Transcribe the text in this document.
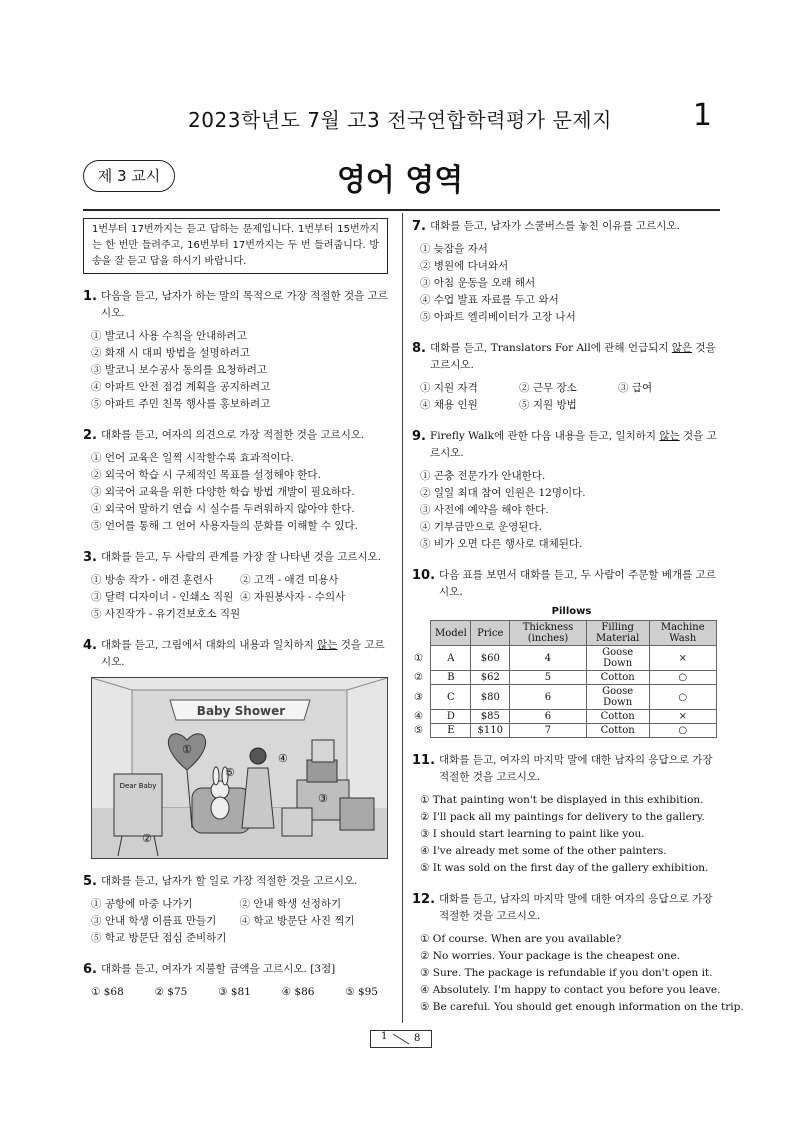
2023학년도 7월 고3 전국연합학력평가 문제지	1
제 3 교시	영어 영역
1번부터 17번까지는 듣고 답하는 문제입니다. 1번부터 15번까지는 한 번만 들려주고, 16번부터 17번까지는 두 번 들려줍니다. 방송을 잘 듣고 답을 하시기 바랍니다.
1. 다음을 듣고, 남자가 하는 말의 목적으로 가장 적절한 것을 고르시오.
① 발코니 사용 수칙을 안내하려고
② 화재 시 대피 방법을 설명하려고
③ 발코니 보수공사 동의를 요청하려고
④ 아파트 안전 점검 계획을 공지하려고
⑤ 아파트 주민 친목 행사를 홍보하려고
2. 대화를 듣고, 여자의 의견으로 가장 적절한 것을 고르시오.
① 언어 교육은 일찍 시작할수록 효과적이다.
② 외국어 학습 시 구체적인 목표를 설정해야 한다.
③ 외국어 교육을 위한 다양한 학습 방법 개발이 필요하다.
④ 외국어 말하기 연습 시 실수를 두려워하지 않아야 한다.
⑤ 언어를 통해 그 언어 사용자들의 문화를 이해할 수 있다.
3. 대화를 듣고, 두 사람의 관계를 가장 잘 나타낸 것을 고르시오.
① 방송 작가 - 애견 훈련사	② 고객 - 애견 미용사
③ 달력 디자이너 - 인쇄소 직원 ④ 자원봉사자 - 수의사
⑤ 사진작가 - 유기견보호소 직원
4. 대화를 듣고, 그림에서 대화의 내용과 일치하지 않는 것을 고르시오.
Baby Shower
Dear Baby
①
②
③
④
⑤
5. 대화를 듣고, 남자가 할 일로 가장 적절한 것을 고르시오.
① 공항에 마중 나가기	② 안내 학생 선정하기
③ 안내 학생 이름표 만들기	④ 학교 방문단 사진 찍기
⑤ 학교 방문단 점심 준비하기
6. 대화를 듣고, 여자가 지불할 금액을 고르시오. [3점]
① $68	② $75	③ $81	④ $86	⑤ $95
7. 대화를 듣고, 남자가 스쿨버스를 놓친 이유를 고르시오.
① 늦잠을 자서
② 병원에 다녀와서
③ 아침 운동을 오래 해서
④ 수업 발표 자료를 두고 와서
⑤ 아파트 엘리베이터가 고장 나서
8. 대화를 듣고, Translators For All에 관해 언급되지 않은 것을 고르시오.
① 지원 자격	② 근무 장소	③ 급여
④ 채용 인원	⑤ 지원 방법
9. Firefly Walk에 관한 다음 내용을 듣고, 일치하지 않는 것을 고르시오.
① 곤충 전문가가 안내한다.
② 일일 최대 참여 인원은 12명이다.
③ 사전에 예약을 해야 한다.
④ 기부금만으로 운영된다.
⑤ 비가 오면 다른 행사로 대체된다.
10. 다음 표를 보면서 대화를 듣고, 두 사람이 주문할 베개를 고르시오.
Pillows
	Model	Price	Thickness (inches)	Filling Material	Machine Wash
①	A	$60	4	Goose Down	×
②	B	$62	5	Cotton	○
③	C	$80	6	Goose Down	○
④	D	$85	6	Cotton	×
⑤	E	$110	7	Cotton	○
11. 대화를 듣고, 여자의 마지막 말에 대한 남자의 응답으로 가장 적절한 것을 고르시오.
① That painting won't be displayed in this exhibition.
② I'll pack all my paintings for delivery to the gallery.
③ I should start learning to paint like you.
④ I've already met some of the other painters.
⑤ It was sold on the first day of the gallery exhibition.
12. 대화를 듣고, 남자의 마지막 말에 대한 여자의 응답으로 가장 적절한 것을 고르시오.
① Of course. When are you available?
② No worries. Your package is the cheapest one.
③ Sure. The package is refundable if you don't open it.
④ Absolutely. I'm happy to contact you before you leave.
⑤ Be careful. You should get enough information on the trip.
1	8
